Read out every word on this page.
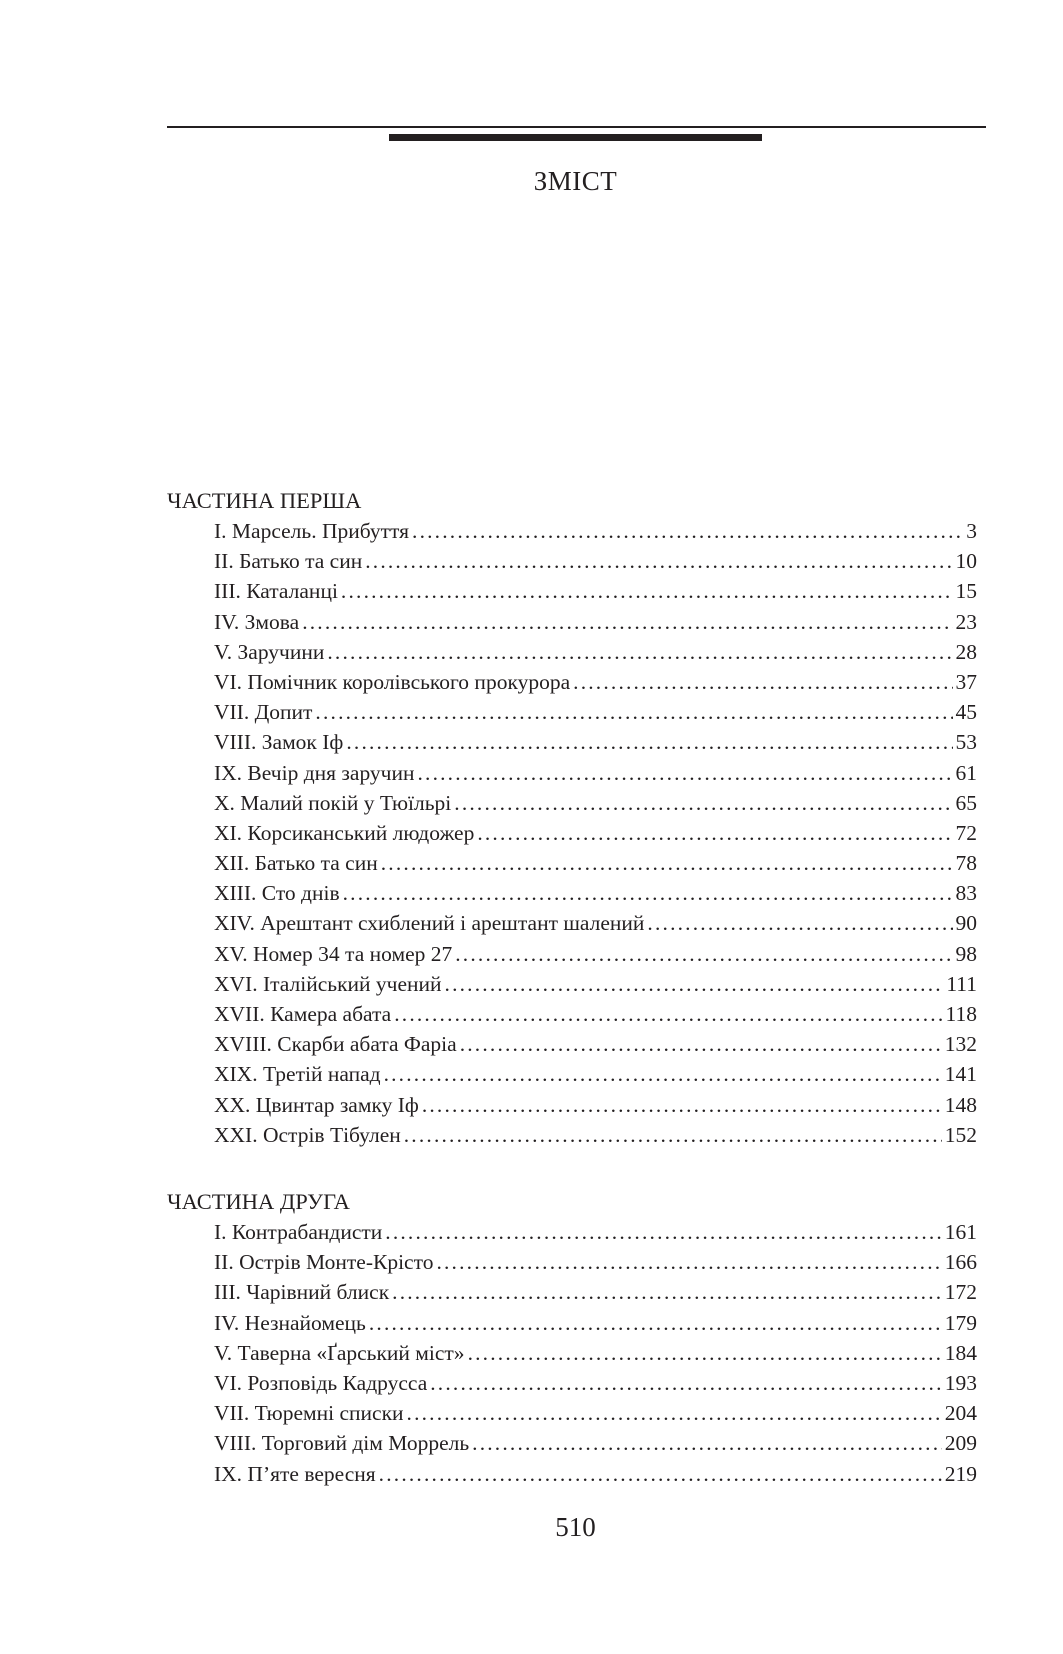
ЗМІСТ
ЧАСТИНА ПЕРША
I. Марсель. Прибуття . . .	3
II. Батько та син . . .	10
III. Каталанці . . .	15
IV. Змова . . .	23
V. Заручини . . .	28
VI. Помічник королівського прокурора . . .	37
VII. Допит . . .	45
VIII. Замок Іф . . .	53
IX. Вечір дня заручин . . .	61
X. Малий покій у Тюїльрі . . .	65
XI. Корсиканський людожер . . .	72
XII. Батько та син . . .	78
XIII. Сто днів . . .	83
XIV. Арештант схиблений і арештант шалений . . .	90
XV. Номер 34 та номер 27 . . .	98
XVI. Італійський учений . . .	111
XVII. Камера абата . . .	118
XVIII. Скарби абата Фаріа . . .	132
XIX. Третій напад . . .	141
XX. Цвинтар замку Іф . . .	148
XXI. Острів Тібулен . . .	152
ЧАСТИНА ДРУГА
I. Контрабандисти . . .	161
II. Острів Монте-Крісто . . .	166
III. Чарівний блиск . . .	172
IV. Незнайомець . . .	179
V. Таверна «Ґарський міст» . . .	184
VI. Розповідь Кадрусса . . .	193
VII. Тюремні списки . . .	204
VIII. Торговий дім Моррель . . .	209
IX. П’яте вересня . . .	219
510
